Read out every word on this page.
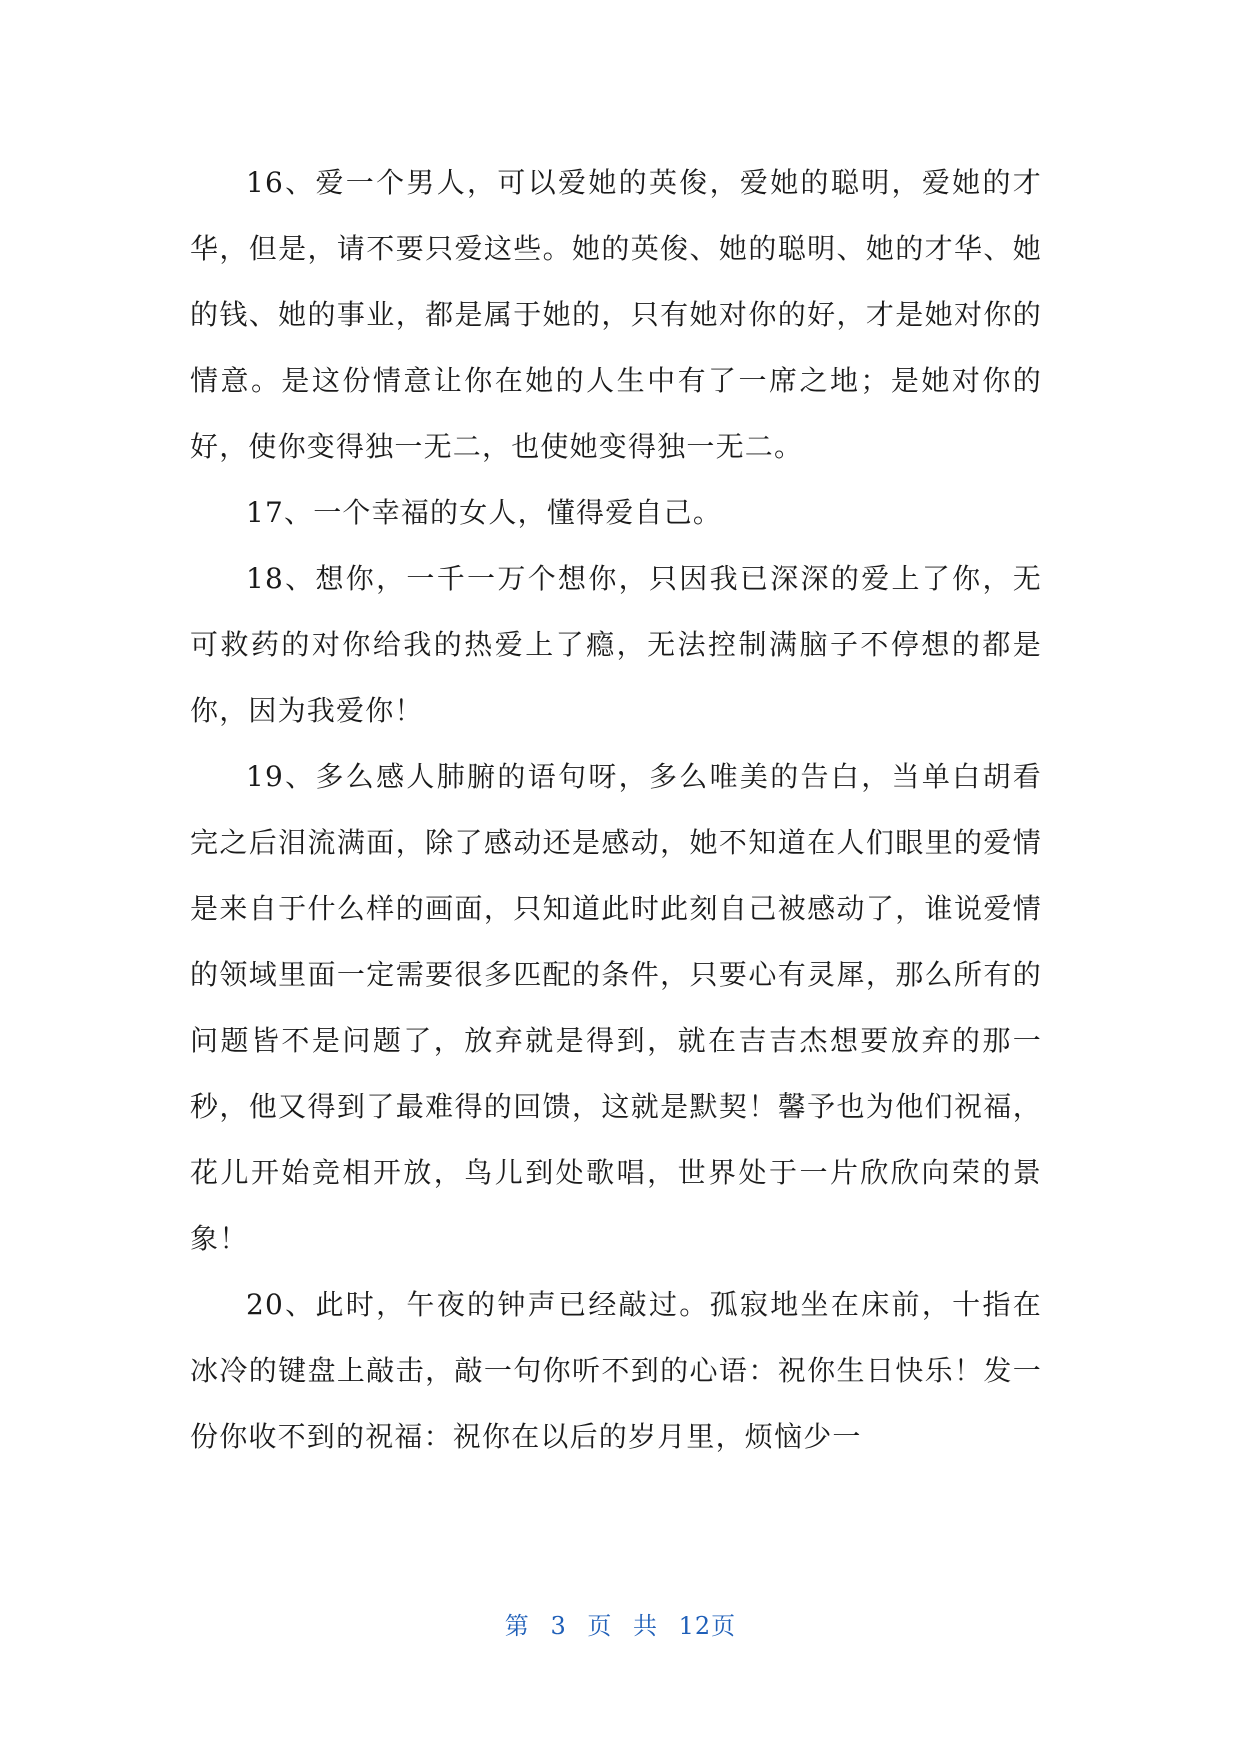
16、爱一个男人，可以爱她的英俊，爱她的聪明，爱她的才华，但是，请不要只爱这些。她的英俊、她的聪明、她的才华、她的钱、她的事业，都是属于她的，只有她对你的好，才是她对你的情意。是这份情意让你在她的人生中有了一席之地；是她对你的好，使你变得独一无二，也使她变得独一无二。

17、一个幸福的女人，懂得爱自己。

18、想你，一千一万个想你，只因我已深深的爱上了你，无可救药的对你给我的热爱上了瘾，无法控制满脑子不停想的都是你，因为我爱你！

19、多么感人肺腑的语句呀，多么唯美的告白，当单白胡看完之后泪流满面，除了感动还是感动，她不知道在人们眼里的爱情是来自于什么样的画面，只知道此时此刻自己被感动了，谁说爱情的领域里面一定需要很多匹配的条件，只要心有灵犀，那么所有的问题皆不是问题了，放弃就是得到，就在吉吉杰想要放弃的那一秒，他又得到了最难得的回馈，这就是默契！馨予也为他们祝福，花儿开始竞相开放，鸟儿到处歌唱，世界处于一片欣欣向荣的景象！

20、此时，午夜的钟声已经敲过。孤寂地坐在床前，十指在冰冷的键盘上敲击，敲一句你听不到的心语：祝你生日快乐！发一份你收不到的祝福：祝你在以后的岁月里，烦恼少一

第 3 页 共 12页
